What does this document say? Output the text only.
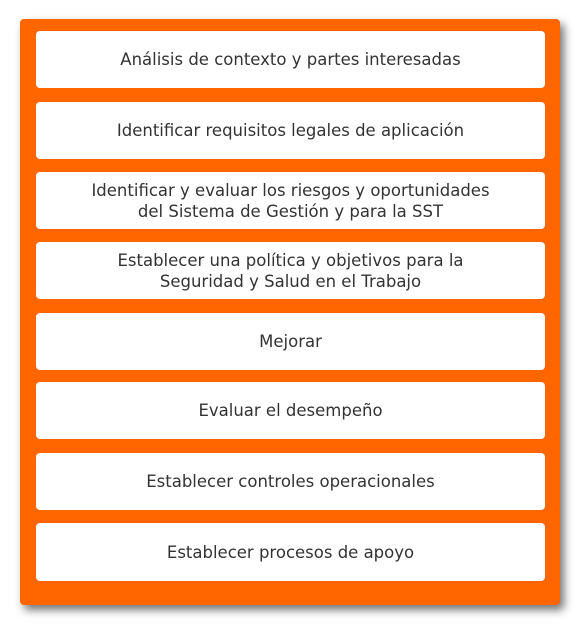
Análisis de contexto y partes interesadas
Identificar requisitos legales de aplicación
Identificar y evaluar los riesgos y oportunidades
del Sistema de Gestión y para la SST
Establecer una política y objetivos para la
Seguridad y Salud en el Trabajo
Mejorar
Evaluar el desempeño
Establecer controles operacionales
Establecer procesos de apoyo
